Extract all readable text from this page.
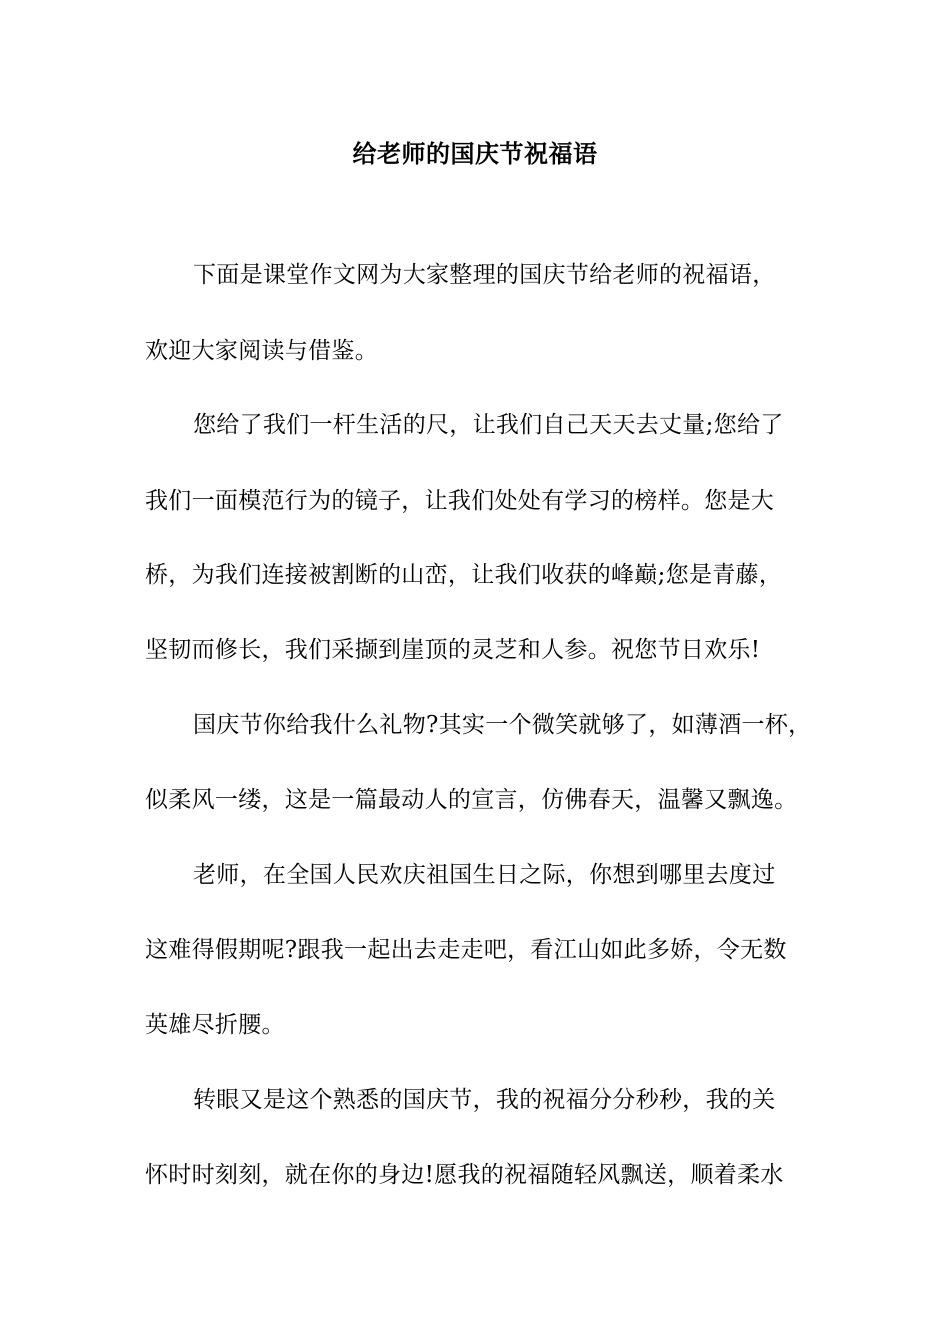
给老师的国庆节祝福语
下面是课堂作文网为大家整理的国庆节给老师的祝福语，
欢迎大家阅读与借鉴。
您给了我们一杆生活的尺，让我们自己天天去丈量;您给了
我们一面模范行为的镜子，让我们处处有学习的榜样。您是大
桥，为我们连接被割断的山峦，让我们收获的峰巅;您是青藤，
坚韧而修长，我们采撷到崖顶的灵芝和人参。祝您节日欢乐!
国庆节你给我什么礼物?其实一个微笑就够了，如薄酒一杯，
似柔风一缕，这是一篇最动人的宣言，仿佛春天，温馨又飘逸。
老师，在全国人民欢庆祖国生日之际，你想到哪里去度过
这难得假期呢?跟我一起出去走走吧，看江山如此多娇，令无数
英雄尽折腰。
转眼又是这个熟悉的国庆节，我的祝福分分秒秒，我的关
怀时时刻刻，就在你的身边!愿我的祝福随轻风飘送，顺着柔水
